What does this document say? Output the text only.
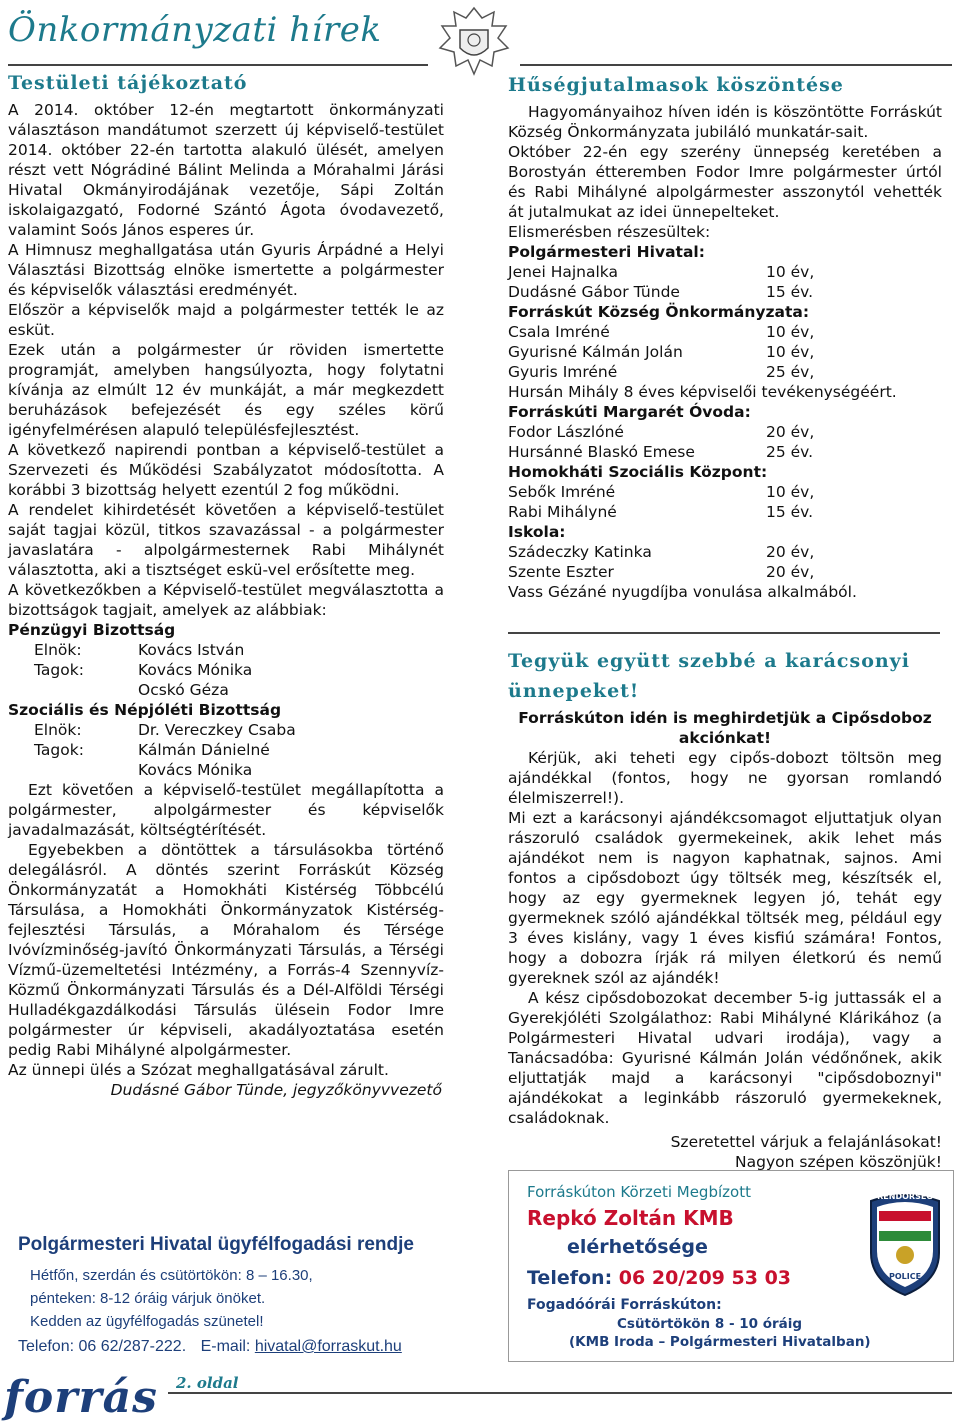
Önkormányzati hírek
Testületi tájékoztató

A 2014. október 12-én megtartott önkormányzati választáson mandátumot szerzett új képviselő-testület 2014. október 22-én tartotta alakuló ülését, amelyen részt vett Nógrádiné Bálint Melinda a Mórahalmi Járási Hivatal Okmányirodájának vezetője, Sápi Zoltán iskolaigazgató, Fodorné Szántó Ágota óvodavezető, valamint Soós János esperes úr.

A Himnusz meghallgatása után Gyuris Árpádné a Helyi Választási Bizottság elnöke ismertette a polgármester és képviselők választási eredményét.

Először a képviselők majd a polgármester tették le az esküt.

Ezek után a polgármester úr röviden ismertette programját, amelyben hangsúlyozta, hogy folytatni kívánja az elmúlt 12 év munkáját, a már megkezdett beruházások befejezését és egy széles körű igényfelmérésen alapuló településfejlesztést.

A következő napirendi pontban a képviselő-testület a Szervezeti és Működési Szabályzatot módosította. A korábbi 3 bizottság helyett ezentúl 2 fog működni.

A rendelet kihirdetését követően a képviselő-testület saját tagjai közül, titkos szavazással - a polgármester javaslatára - alpolgármesternek Rabi Mihálynét választotta, aki a tisztséget eskü-vel erősítette meg.

A következőkben a Képviselő-testület megválasztotta a bizottságok tagjait, amelyek az alábbiak:

Pénzügyi Bizottság

Elnök:	Kovács István
Tagok:	Kovács Mónika
Ocskó Géza

Szociális és Népjóléti Bizottság

Elnök:	Dr. Vereczkey Csaba
Tagok:	Kálmán Dánielné
Kovács Mónika

Ezt követően a képviselő-testület megállapította a polgármester, alpolgármester és képviselők javadalmazását, költségtérítését.

Egyebekben a döntöttek a társulásokba történő delegálásról. A döntés szerint Forráskút Község Önkormányzatát a Homokháti Kistérség Többcélú Társulása, a Homokháti Önkormányzatok Kistérség-fejlesztési Társulás, a Mórahalom és Térsége Ivóvízminőség-javító Önkormányzati Társulás, a Térségi Vízmű-üzemeltetési Intézmény, a Forrás-4 Szennyvíz-Közmű Önkormányzati Társulás és a Dél-Alföldi Térségi Hulladékgazdálkodási Társulás ülésein Fodor Imre polgármester úr képviseli, akadályoztatása esetén pedig Rabi Mihályné alpolgármester.

Az ünnepi ülés a Szózat meghallgatásával zárult.

Dudásné Gábor Tünde, jegyzőkönyvvezető

Polgármesteri Hivatal ügyfélfogadási rendje
Hétfőn, szerdán és csütörtökön: 8 – 16.30,
pénteken: 8-12 óráig várjuk önöket.
Kedden az ügyfélfogadás szünetel!
Telefon: 06 62/287-222. E-mail: hivatal@forraskut.hu
forrás 2. oldal
Hűségjutalmasok köszöntése

Hagyományaihoz híven idén is köszöntötte Forráskút Község Önkormányzata jubiláló munkatár-sait.

Október 22-én egy szerény ünnepség keretében a Borostyán étteremben Fodor Imre polgármester úrtól és Rabi Mihályné alpolgármester asszonytól vehették át jutalmukat az idei ünnepelteket.

Elismerésben részesültek:

Polgármesteri Hivatal:

Jenei Hajnalka	10 év,
Dudásné Gábor Tünde	15 év.

Forráskút Község Önkormányzata:

Csala Imréné	10 év,
Gyurisné Kálmán Jolán	10 év,
Gyuris Imréné	25 év,

Hursán Mihály 8 éves képviselői tevékenységéért.

Forráskúti Margarét Óvoda:

Fodor Lászlóné	20 év,
Hursánné Blaskó Emese	25 év.

Homokháti Szociális Központ:

Sebők Imréné	10 év,
Rabi Mihályné	15 év.

Iskola:

Szádeczky Katinka	20 év,
Szente Eszter	20 év,

Vass Gézáné nyugdíjba vonulása alkalmából.

Tegyük együtt szebbé a karácsonyi ünnepeket!

Forráskúton idén is meghirdetjük a Cipősdoboz akciónkat!

Kérjük, aki teheti egy cipős-dobozt töltsön meg ajándékkal (fontos, hogy ne gyorsan romlandó élelmiszerrel!).

Mi ezt a karácsonyi ajándékcsomagot eljuttatjuk olyan rászoruló családok gyermekeinek, akik lehet más ajándékot nem is nagyon kaphatnak, sajnos. Ami fontos a cipősdobozt úgy töltsék meg, készítsék el, hogy az egy gyermeknek legyen jó, tehát egy gyermeknek szóló ajándékkal töltsék meg, például egy 3 éves kislány, vagy 1 éves kisfiú számára! Fontos, hogy a dobozra írják rá milyen életkorú és nemű gyereknek szól az ajándék!

A kész cipősdobozokat december 5-ig juttassák el a Gyerekjóléti Szolgálathoz: Rabi Mihályné Klárikához (a Polgármesteri Hivatal udvari irodája), vagy a Tanácsadóba: Gyurisné Kálmán Jolán védőnőnek, akik eljuttatják majd a karácsonyi "cipősdoboznyi" ajándékokat a leginkább rászoruló gyermekeknek, családoknak.

Szeretettel várjuk a felajánlásokat!

Nagyon szépen köszönjük!

Forráskúton Körzeti Megbízott
Repkó Zoltán KMB
elérhetősége
Telefon: 06 20/209 53 03
Fogadóórái Forráskúton:
Csütörtökön 8 - 10 óráig
(KMB Iroda – Polgármesteri Hivatalban)
RENDŐRSÉG
POLICE
